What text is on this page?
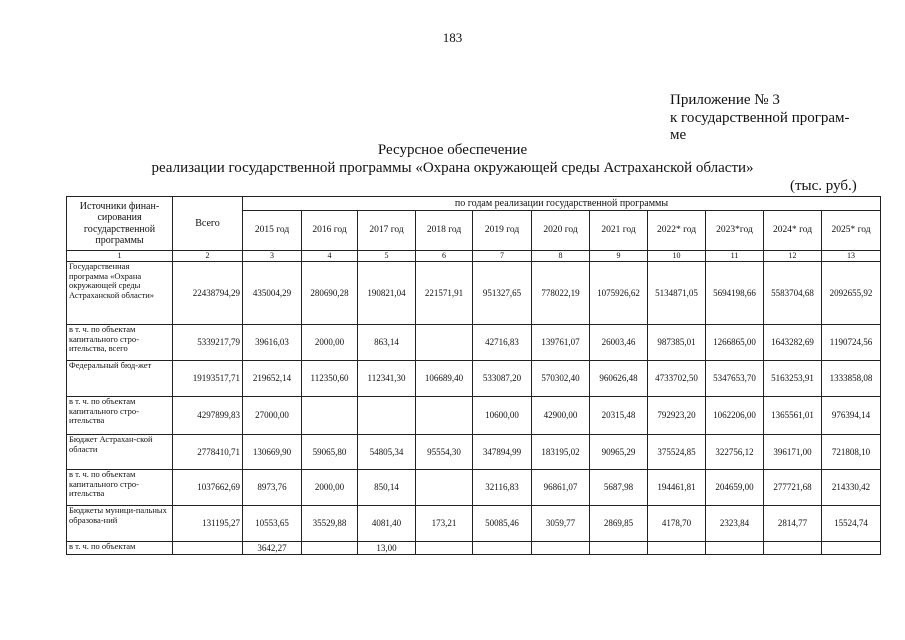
183
Приложение № 3
к государственной програм-
ме
Ресурсное обеспечение
реализации государственной программы «Охрана окружающей среды Астраханской области»
(тыс. руб.)
Источники финан-сирования государственной программы	Всего	по годам реализации государственной программы										
		2015 год	2016 год	2017 год	2018 год	2019 год	2020 год	2021 год	2022* год	2023*год	2024* год	2025* год
1	2	3	4	5	6	7	8	9	10	11	12	13
Государственная программа «Охрана окружающей среды Астраханской области»	22438794,29	435004,29	280690,28	190821,04	221571,91	951327,65	778022,19	1075926,62	5134871,05	5694198,66	5583704,68	2092655,92
в т. ч. по объектам капитального стро-ительства, всего	5339217,79	39616,03	2000,00	863,14		42716,83	139761,07	26003,46	987385,01	1266865,00	1643282,69	1190724,56
Федеральный бюд-жет	19193517,71	219652,14	112350,60	112341,30	106689,40	533087,20	570302,40	960626,48	4733702,50	5347653,70	5163253,91	1333858,08
в т. ч. по объектам капитального стро-ительства	4297899,83	27000,00				10600,00	42900,00	20315,48	792923,20	1062206,00	1365561,01	976394,14
Бюджет Астрахан-ской области	2778410,71	130669,90	59065,80	54805,34	95554,30	347894,99	183195,02	90965,29	375524,85	322756,12	396171,00	721808,10
в т. ч. по объектам капитального стро-ительства	1037662,69	8973,76	2000,00	850,14		32116,83	96861,07	5687,98	194461,81	204659,00	277721,68	214330,42
Бюджеты муници-пальных образова-ний	131195,27	10553,65	35529,88	4081,40	173,21	50085,46	3059,77	2869,85	4178,70	2323,84	2814,77	15524,74
в т. ч. по объектам		3642,27		13,00								
